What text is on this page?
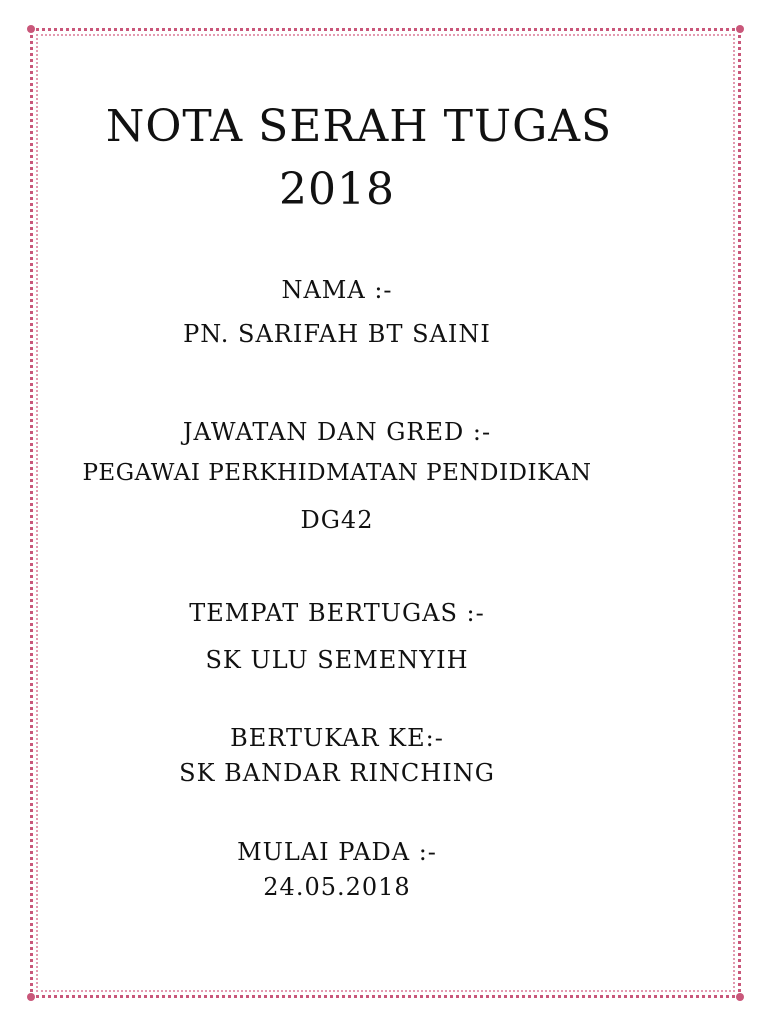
NOTA SERAH TUGAS
2018
NAMA :-
PN. SARIFAH BT SAINI
JAWATAN DAN GRED :-
PEGAWAI PERKHIDMATAN PENDIDIKAN
DG42
TEMPAT BERTUGAS :-
SK ULU SEMENYIH
BERTUKAR KE:-
SK BANDAR RINCHING
MULAI PADA :-
24.05.2018
